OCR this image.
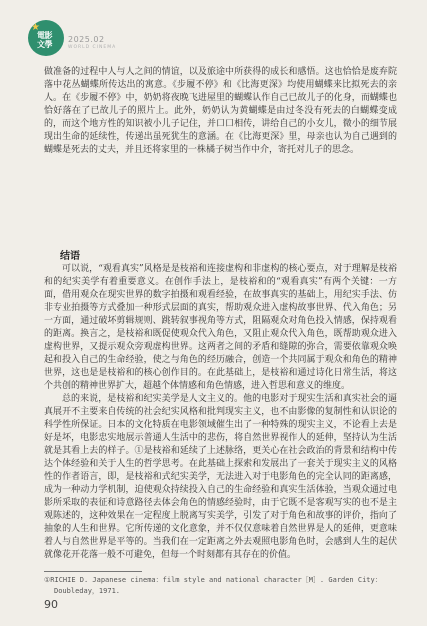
★
電影
文學
2025.02
WORLD CINEMA

做准备的过程中人与人之间的情谊，以及旅途中所获得的成长和感悟。这也恰恰是废弃院落中花丛蝴蝶所传达出的寓意。《步履不停》和《比海更深》均使用蝴蝶来比拟死去的亲人。在《步履不停》中，奶奶将夜晚飞进屋里的蝴蝶认作自己已故儿子的化身，而蝴蝶也恰好落在了已故儿子的照片上。此外，奶奶认为黄蝴蝶是由过冬没有死去的白蝴蝶变成的，而这个地方性的知识被小儿子记住，并口口相传，讲给自己的小女儿，微小的细节展现出生命的延续性，传递出虽死犹生的意涵。在《比海更深》里，母亲也认为自己遇到的蝴蝶是死去的丈夫，并且还将家里的一株橘子树当作中介，寄托对儿子的思念。

结语

可以说，“观看真实”风格是是枝裕和连接虚构和非虚构的核心要点，对于理解是枝裕和的纪实美学有着重要意义。在创作手法上，是枝裕和的“观看真实”有两个关键：一方面，借用观众在现实世界的数字拍摄和观看经验，在故事真实的基础上，用纪实手法、仿非专业拍摄等方式叠加一种形式层面的真实，帮助观众进入虚构故事世界、代入角色；另一方面，通过破坏剪辑规则、跳转叙事视角等方式，阻隔观众对角色投入情感，保持观看的距离。换言之，是枝裕和既促使观众代入角色，又阻止观众代入角色，既帮助观众进入虚构世界，又提示观众旁观虚构世界。这两者之间的矛盾和缝隙的弥合，需要依靠观众唤起和投入自己的生命经验，使之与角色的经历融合，创造一个共同属于观众和角色的精神世界，这也是是枝裕和的核心创作目的。在此基础上，是枝裕和通过诗化日常生活，将这个共创的精神世界扩大，超越个体情感和角色情感，进入哲思和意义的维度。

总的来说，是枝裕和纪实美学是人文主义的。他的电影对于现实生活和真实社会的逼真展开不主要来自传统的社会纪实风格和批判现实主义，也不由影像的复制性和认识论的科学性所保证。日本的文化特质在电影领域催生出了一种特殊的现实主义，不论看上去是好是坏，电影忠实地展示普通人生活中的悲伤，将自然世界视作人的延伸，坚持认为生活就是其看上去的样子。①是枝裕和延续了上述脉络，更关心在社会政治的背景和结构中传达个体经验和关于人生的哲学思考。在此基础上探索和发展出了一套关于现实主义的风格性的作者语言，即，是枝裕和式纪实美学，无法进入对于电影角色的完全认同的距离感，成为一种动力学机制，迫使观众持续投入自己的生命经验和真实生活体验，当观众通过电影所采取的表征和诗意路径去体会角色的情感经验时，由于它既不是客观写实的也不是主观陈述的，这种效果在一定程度上脱离写实美学，引发了对于角色和故事的评价，指向了抽象的人生和世界。它所传递的文化意象，并不仅仅意味着自然世界是人的延伸，更意味着人与自然世界是平等的。当我们在一定距离之外去观照电影角色时，会感到人生的起伏就像花开花落一般不可避免，但每一个时刻都有其存在的价值。

①RICHIE D. Japanese cinema：film style and national character［M］. Garden City：
Doubleday，1971.
90
